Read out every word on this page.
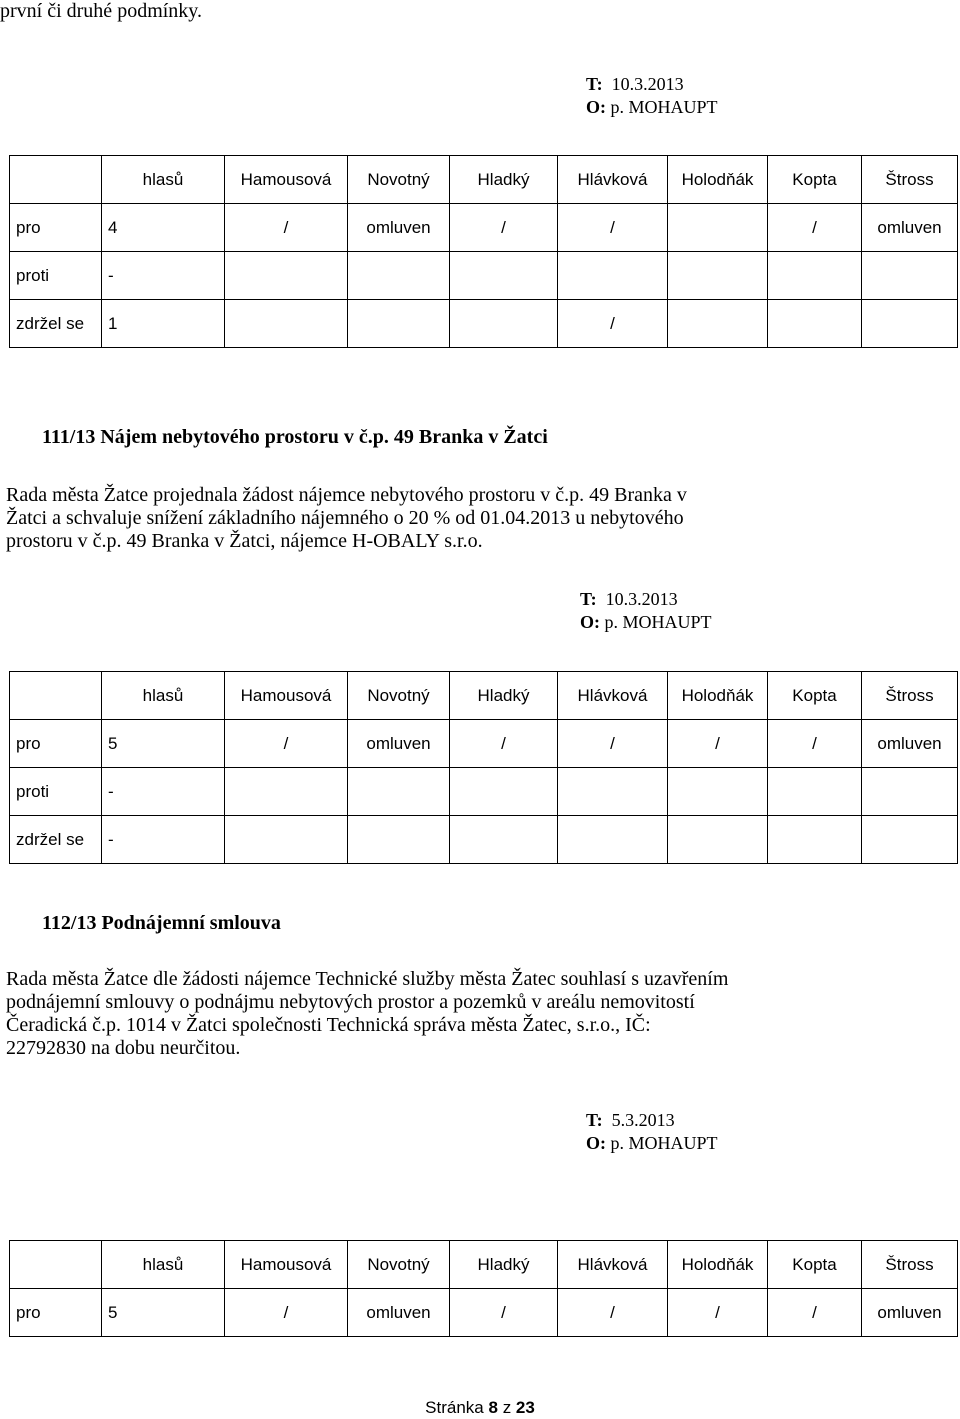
první či druhé podmínky.
T: 10.3.2013
O: p. MOHAUPT
	hlasů	Hamousová	Novotný	Hladký	Hlávková	Holodňák	Kopta	Štross
pro	4	/	omluven	/	/		/	omluven
proti	-							
zdržel se	1				/			
111/13 Nájem nebytového prostoru v č.p. 49 Branka v Žatci
Rada města Žatce projednala žádost nájemce nebytového prostoru v č.p. 49 Branka v
Žatci a schvaluje snížení základního nájemného o 20 % od 01.04.2013 u nebytového
prostoru v č.p. 49 Branka v Žatci, nájemce H-OBALY s.r.o.
T: 10.3.2013
O: p. MOHAUPT
	hlasů	Hamousová	Novotný	Hladký	Hlávková	Holodňák	Kopta	Štross
pro	5	/	omluven	/	/	/	/	omluven
proti	-							
zdržel se	-							
112/13 Podnájemní smlouva
Rada města Žatce dle žádosti nájemce Technické služby města Žatec souhlasí s uzavřením
podnájemní smlouvy o podnájmu nebytových prostor a pozemků v areálu nemovitostí
Čeradická č.p. 1014 v Žatci společnosti Technická správa města Žatec, s.r.o., IČ:
22792830 na dobu neurčitou.
T: 5.3.2013
O: p. MOHAUPT
	hlasů	Hamousová	Novotný	Hladký	Hlávková	Holodňák	Kopta	Štross
pro	5	/	omluven	/	/	/	/	omluven
Stránka 8 z 23
